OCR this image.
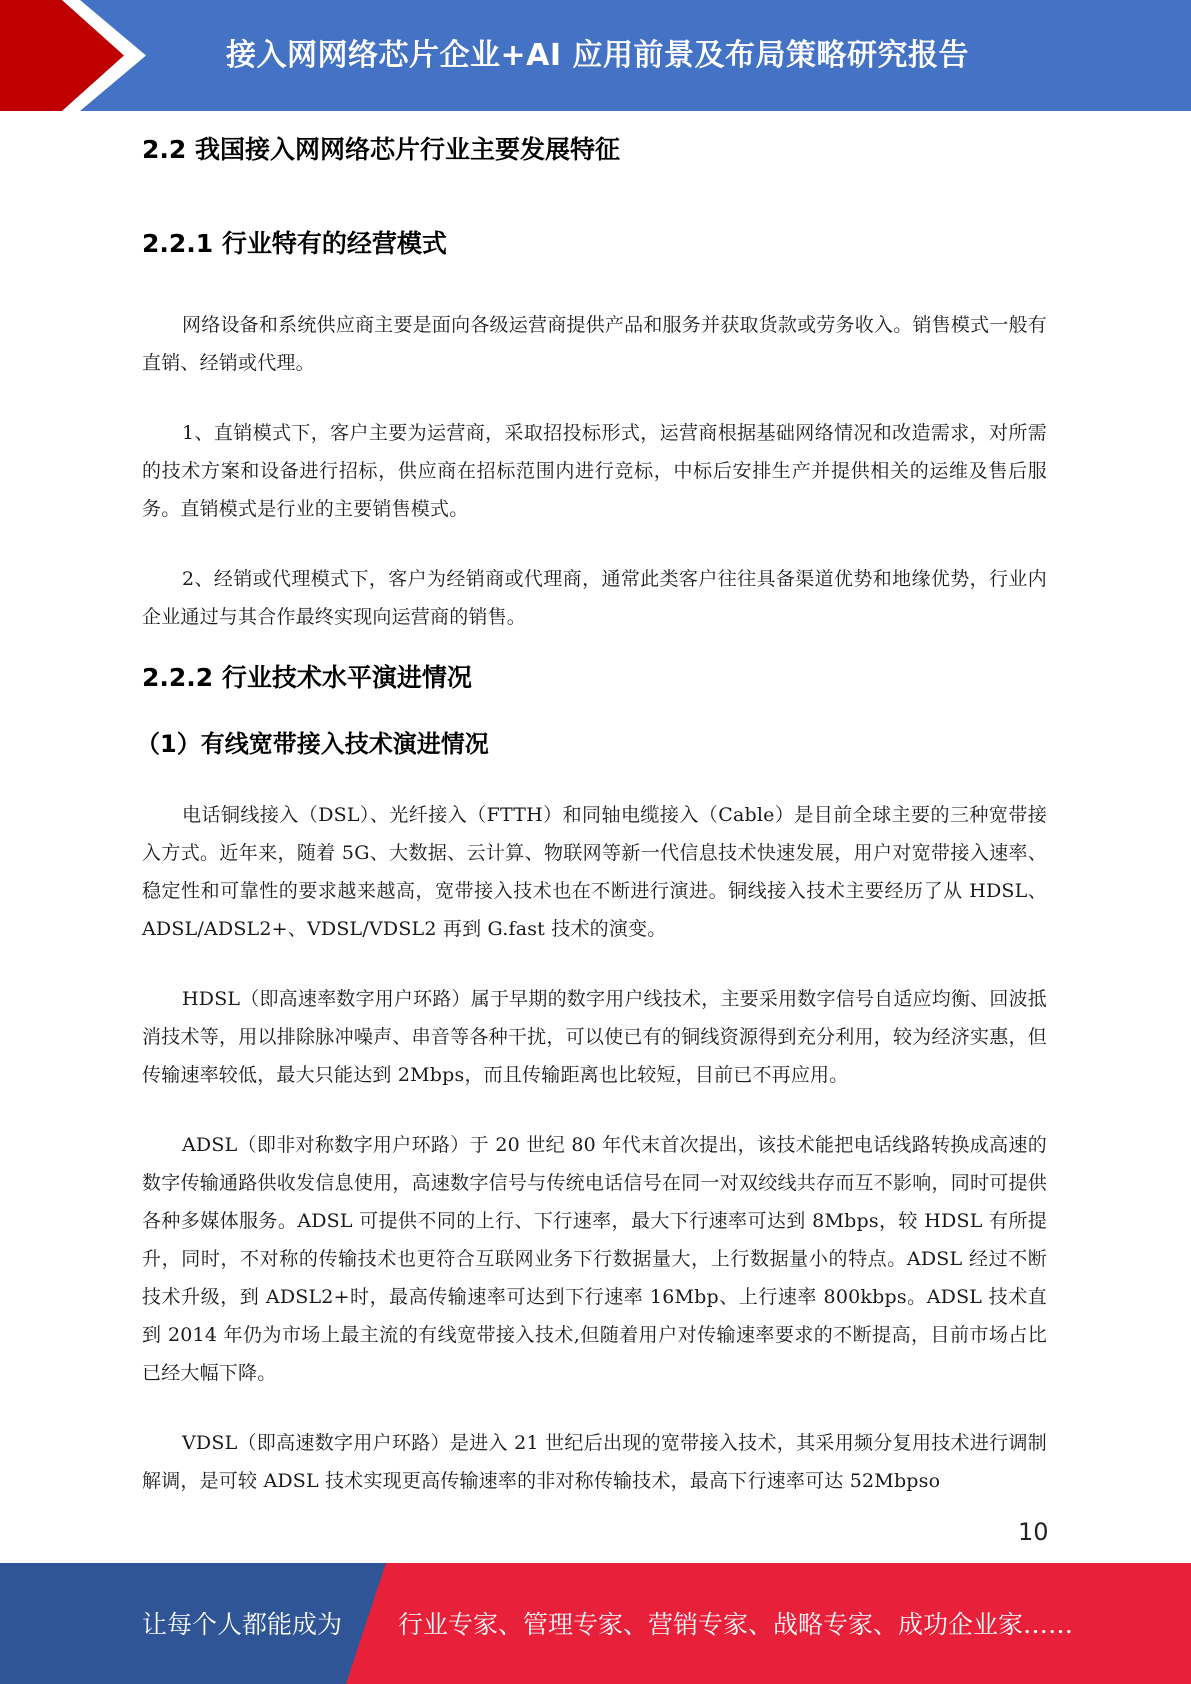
接入网网络芯片企业+AI 应用前景及布局策略研究报告
2.2 我国接入网网络芯片行业主要发展特征
2.2.1 行业特有的经营模式

网络设备和系统供应商主要是面向各级运营商提供产品和服务并获取货款或劳务收入。销售模式一般有直销、经销或代理。

1、直销模式下，客户主要为运营商，采取招投标形式，运营商根据基础网络情况和改造需求，对所需的技术方案和设备进行招标，供应商在招标范围内进行竞标，中标后安排生产并提供相关的运维及售后服务。直销模式是行业的主要销售模式。

2、经销或代理模式下，客户为经销商或代理商，通常此类客户往往具备渠道优势和地缘优势，行业内企业通过与其合作最终实现向运营商的销售。

2.2.2 行业技术水平演进情况
（1）有线宽带接入技术演进情况

电话铜线接入（DSL）、光纤接入（FTTH）和同轴电缆接入（Cable）是目前全球主要的三种宽带接入方式。近年来，随着 5G、大数据、云计算、物联网等新一代信息技术快速发展，用户对宽带接入速率、稳定性和可靠性的要求越来越高，宽带接入技术也在不断进行演进。铜线接入技术主要经历了从 HDSL、ADSL/ADSL2+、VDSL/VDSL2 再到 G.fast 技术的演变。

HDSL（即高速率数字用户环路）属于早期的数字用户线技术，主要采用数字信号自适应均衡、回波抵消技术等，用以排除脉冲噪声、串音等各种干扰，可以使已有的铜线资源得到充分利用，较为经济实惠，但传输速率较低，最大只能达到 2Mbps，而且传输距离也比较短，目前已不再应用。

ADSL（即非对称数字用户环路）于 20 世纪 80 年代末首次提出，该技术能把电话线路转换成高速的数字传输通路供收发信息使用，高速数字信号与传统电话信号在同一对双绞线共存而互不影响，同时可提供各种多媒体服务。ADSL 可提供不同的上行、下行速率，最大下行速率可达到 8Mbps，较 HDSL 有所提升，同时，不对称的传输技术也更符合互联网业务下行数据量大，上行数据量小的特点。ADSL 经过不断技术升级，到 ADSL2+时，最高传输速率可达到下行速率 16Mbp、上行速率 800kbps。ADSL 技术直到 2014 年仍为市场上最主流的有线宽带接入技术,但随着用户对传输速率要求的不断提高，目前市场占比已经大幅下降。

VDSL（即高速数字用户环路）是进入 21 世纪后出现的宽带接入技术，其采用频分复用技术进行调制解调，是可较 ADSL 技术实现更高传输速率的非对称传输技术，最高下行速率可达 52Mbpso

10
让每个人都能成为 行业专家、管理专家、营销专家、战略专家、成功企业家……
